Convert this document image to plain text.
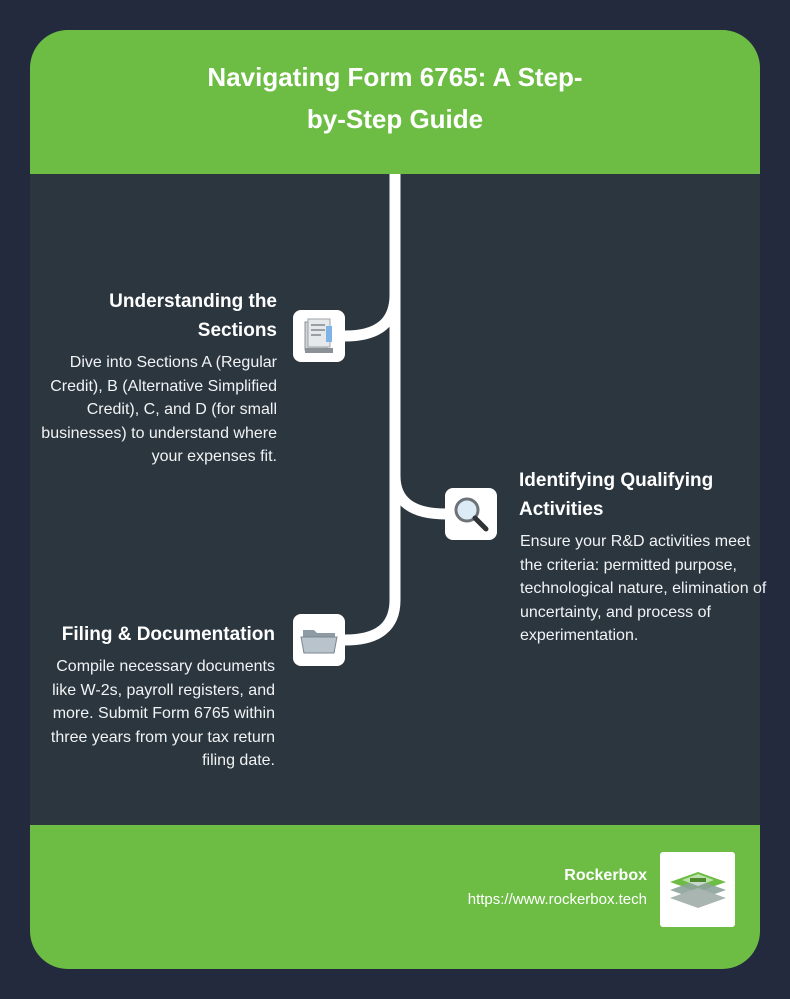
Navigating Form 6765: A Step-by-Step Guide
Rockerbox
https://www.rockerbox.tech
Understanding the Sections

Dive into Sections A (Regular Credit), B (Alternative Simplified Credit), C, and D (for small businesses) to understand where your expenses fit.

Identifying Qualifying Activities

Ensure your R&D activities meet the criteria: permitted purpose, technological nature, elimination of uncertainty, and process of experimentation.

Filing & Documentation

Compile necessary documents like W-2s, payroll registers, and more. Submit Form 6765 within three years from your tax return filing date.
